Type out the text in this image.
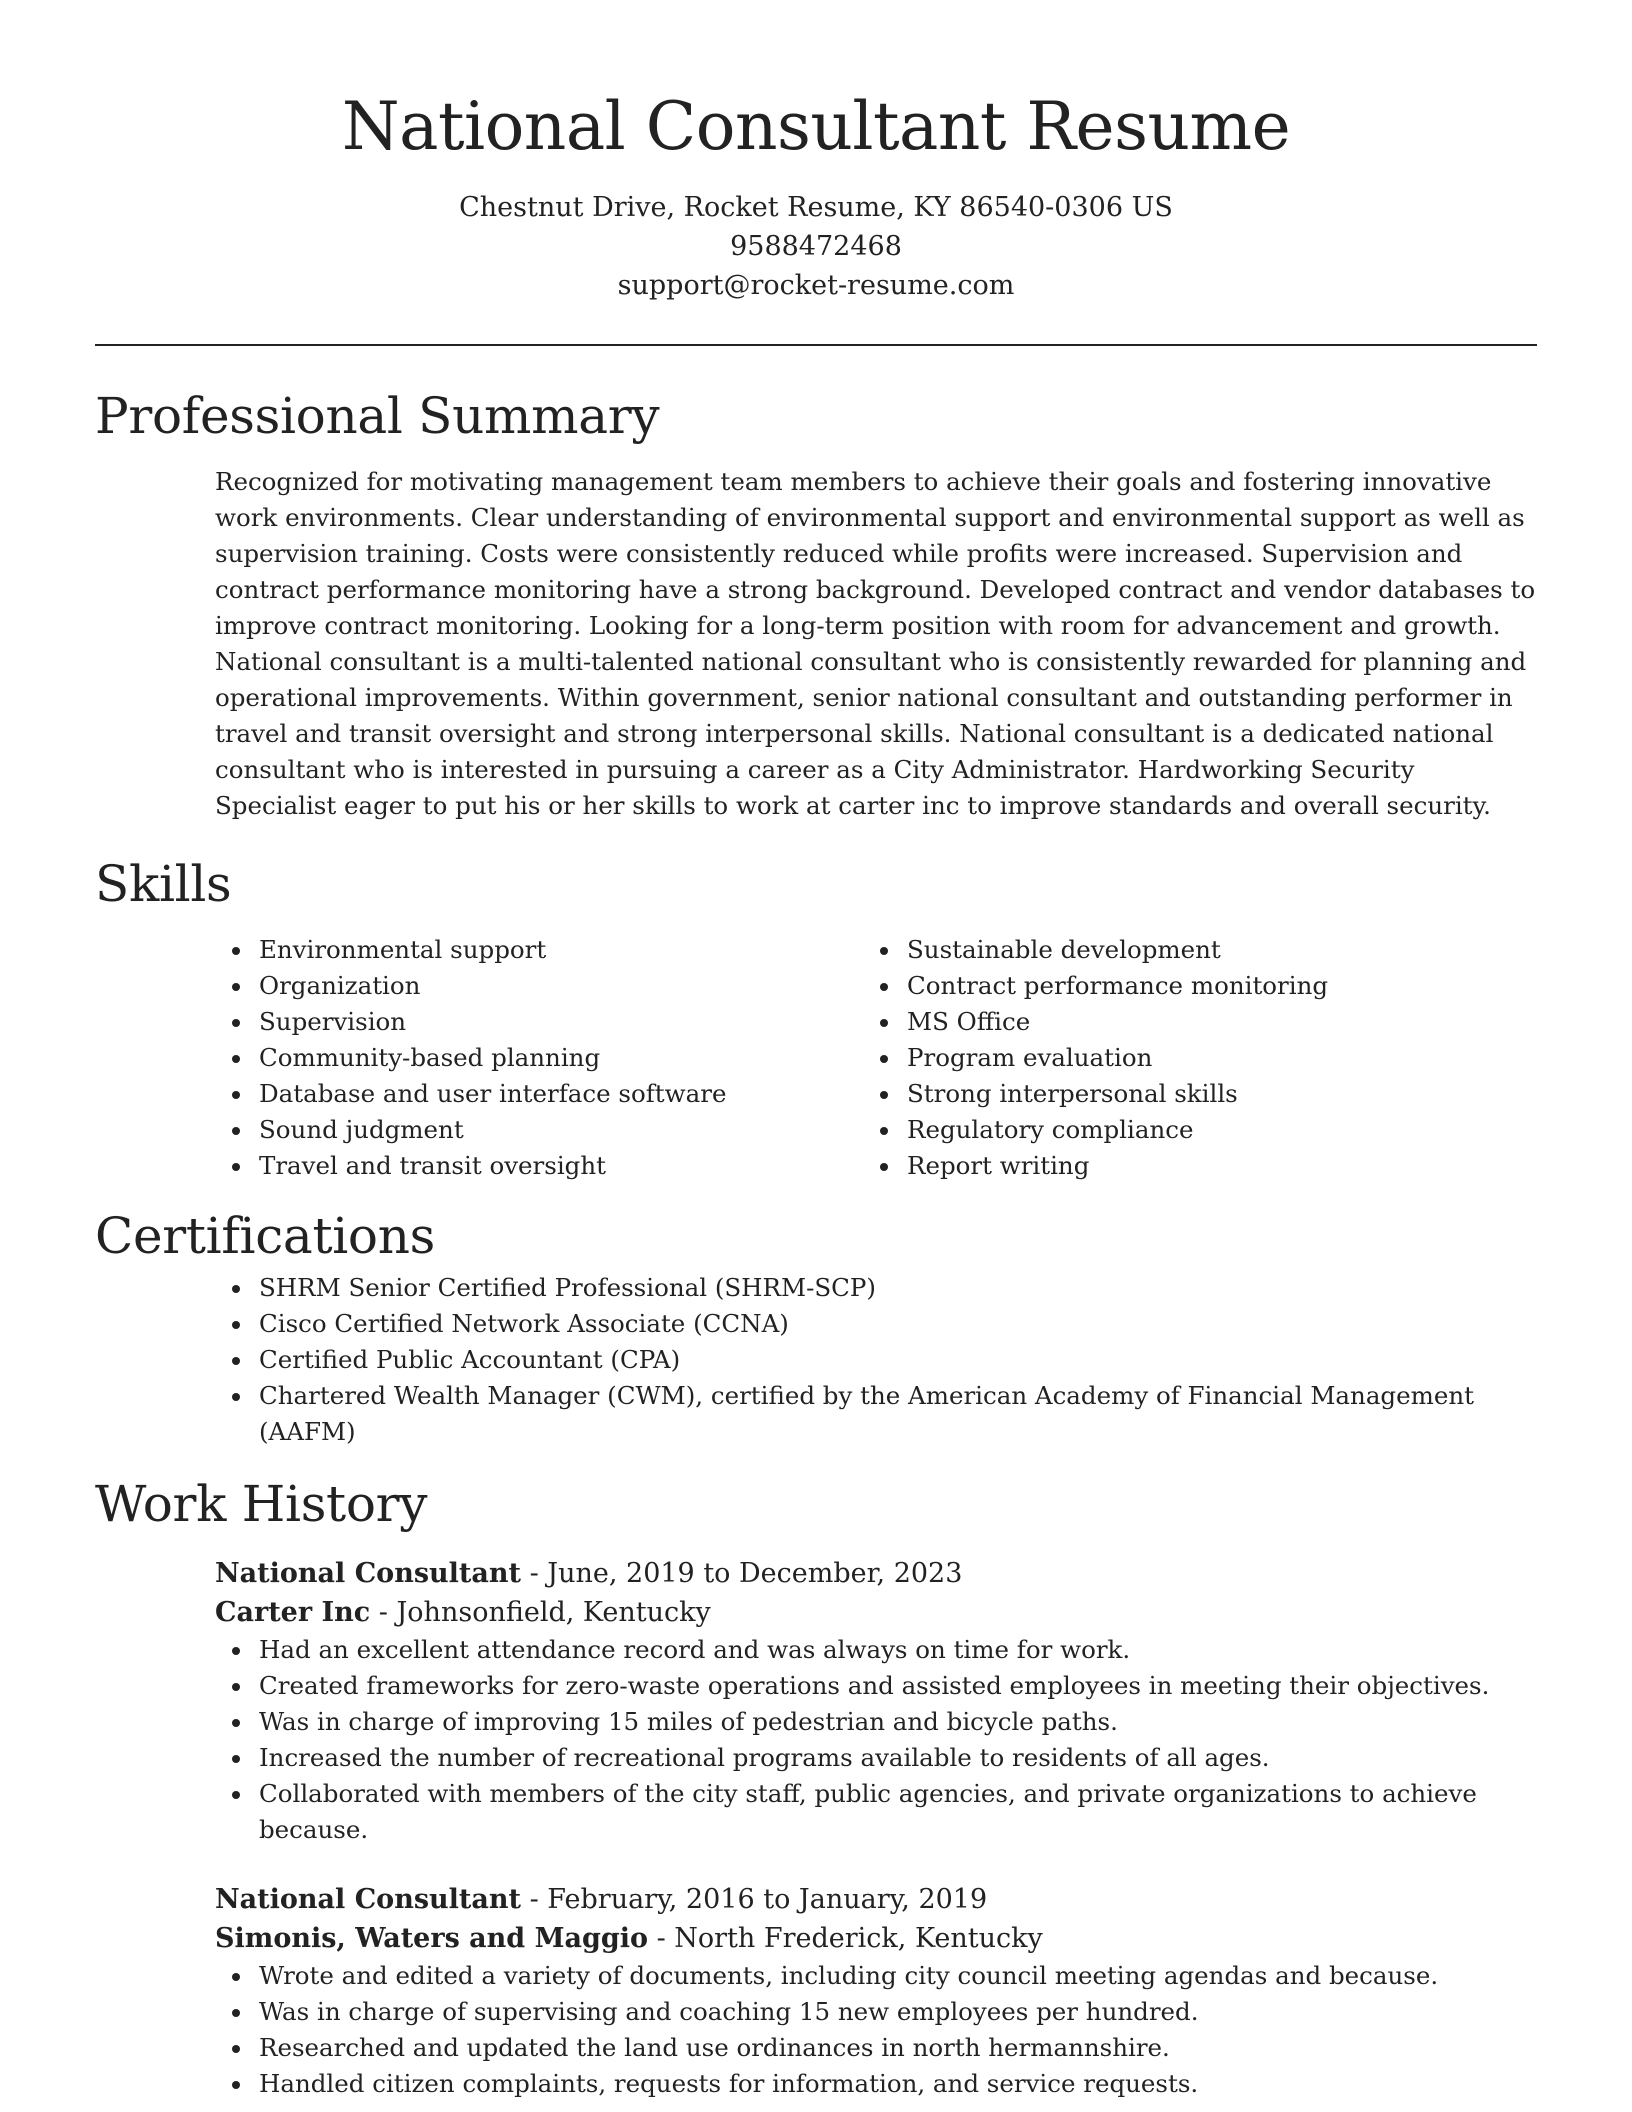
National Consultant Resume

Chestnut Drive, Rocket Resume, KY 86540-0306 US

9588472468

support@rocket-resume.com

Professional Summary

Recognized for motivating management team members to achieve their goals and fostering innovative work environments. Clear understanding of environmental support and environmental support as well as supervision training. Costs were consistently reduced while profits were increased. Supervision and contract performance monitoring have a strong background. Developed contract and vendor databases to improve contract monitoring. Looking for a long-term position with room for advancement and growth. National consultant is a multi-talented national consultant who is consistently rewarded for planning and operational improvements. Within government, senior national consultant and outstanding performer in travel and transit oversight and strong interpersonal skills. National consultant is a dedicated national consultant who is interested in pursuing a career as a City Administrator. Hardworking Security Specialist eager to put his or her skills to work at carter inc to improve standards and overall security.

Skills
Environmental support
Organization
Supervision
Community-based planning
Database and user interface software
Sound judgment
Travel and transit oversight
Sustainable development
Contract performance monitoring
MS Office
Program evaluation
Strong interpersonal skills
Regulatory compliance
Report writing
Certifications
SHRM Senior Certified Professional (SHRM-SCP)
Cisco Certified Network Associate (CCNA)
Certified Public Accountant (CPA)
Chartered Wealth Manager (CWM), certified by the American Academy of Financial Management (AAFM)
Work History
National Consultant - June, 2019 to December, 2023
Carter Inc - Johnsonfield, Kentucky
Had an excellent attendance record and was always on time for work.
Created frameworks for zero-waste operations and assisted employees in meeting their objectives.
Was in charge of improving 15 miles of pedestrian and bicycle paths.
Increased the number of recreational programs available to residents of all ages.
Collaborated with members of the city staff, public agencies, and private organizations to achieve because.
National Consultant - February, 2016 to January, 2019
Simonis, Waters and Maggio - North Frederick, Kentucky
Wrote and edited a variety of documents, including city council meeting agendas and because.
Was in charge of supervising and coaching 15 new employees per hundred.
Researched and updated the land use ordinances in north hermannshire.
Handled citizen complaints, requests for information, and service requests.
